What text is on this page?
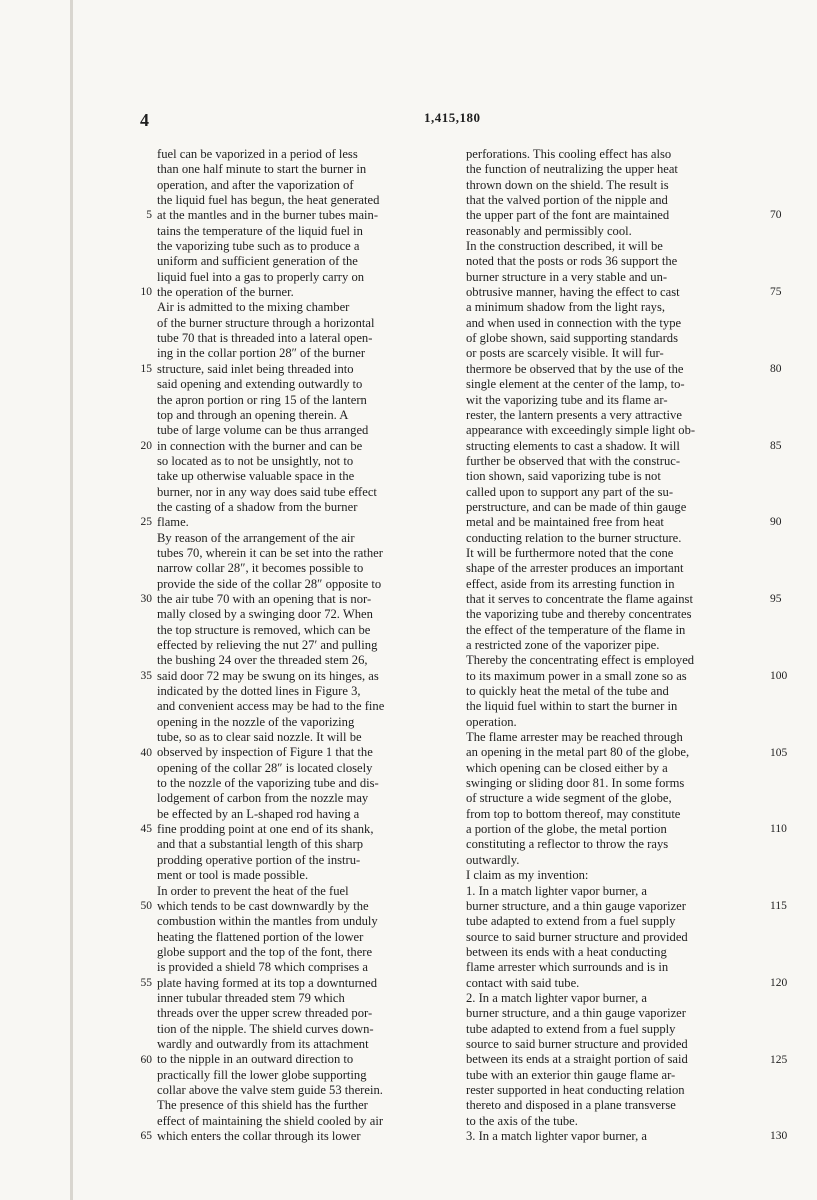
4	1,415,180
fuel can be vaporized in a period of less
than one half minute to start the burner in
operation, and after the vaporization of
the liquid fuel has begun, the heat generated
at the mantles and in the burner tubes main-
tains the temperature of the liquid fuel in
the vaporizing tube such as to produce a
uniform and sufficient generation of the
liquid fuel into a gas to properly carry on
the operation of the burner.
Air is admitted to the mixing chamber
of the burner structure through a horizontal
tube 70 that is threaded into a lateral open-
ing in the collar portion 28″ of the burner
structure, said inlet being threaded into
said opening and extending outwardly to
the apron portion or ring 15 of the lantern
top and through an opening therein. A
tube of large volume can be thus arranged
in connection with the burner and can be
so located as to not be unsightly, not to
take up otherwise valuable space in the
burner, nor in any way does said tube effect
the casting of a shadow from the burner
flame.
By reason of the arrangement of the air
tubes 70, wherein it can be set into the rather
narrow collar 28″, it becomes possible to
provide the side of the collar 28″ opposite to
the air tube 70 with an opening that is nor-
mally closed by a swinging door 72. When
the top structure is removed, which can be
effected by relieving the nut 27′ and pulling
the bushing 24 over the threaded stem 26,
said door 72 may be swung on its hinges, as
indicated by the dotted lines in Figure 3,
and convenient access may be had to the fine
opening in the nozzle of the vaporizing
tube, so as to clear said nozzle. It will be
observed by inspection of Figure 1 that the
opening of the collar 28″ is located closely
to the nozzle of the vaporizing tube and dis-
lodgement of carbon from the nozzle may
be effected by an L-shaped rod having a
fine prodding point at one end of its shank,
and that a substantial length of this sharp
prodding operative portion of the instru-
ment or tool is made possible.
In order to prevent the heat of the fuel
which tends to be cast downwardly by the
combustion within the mantles from unduly
heating the flattened portion of the lower
globe support and the top of the font, there
is provided a shield 78 which comprises a
plate having formed at its top a downturned
inner tubular threaded stem 79 which
threads over the upper screw threaded por-
tion of the nipple. The shield curves down-
wardly and outwardly from its attachment
to the nipple in an outward direction to
practically fill the lower globe supporting
collar above the valve stem guide 53 therein.
The presence of this shield has the further
effect of maintaining the shield cooled by air
which enters the collar through its lower
perforations. This cooling effect has also
the function of neutralizing the upper heat
thrown down on the shield. The result is
that the valved portion of the nipple and
the upper part of the font are maintained
reasonably and permissibly cool.
In the construction described, it will be
noted that the posts or rods 36 support the
burner structure in a very stable and un-
obtrusive manner, having the effect to cast
a minimum shadow from the light rays,
and when used in connection with the type
of globe shown, said supporting standards
or posts are scarcely visible. It will fur-
thermore be observed that by the use of the
single element at the center of the lamp, to-
wit the vaporizing tube and its flame ar-
rester, the lantern presents a very attractive
appearance with exceedingly simple light ob-
structing elements to cast a shadow. It will
further be observed that with the construc-
tion shown, said vaporizing tube is not
called upon to support any part of the su-
perstructure, and can be made of thin gauge
metal and be maintained free from heat
conducting relation to the burner structure.
It will be furthermore noted that the cone
shape of the arrester produces an important
effect, aside from its arresting function in
that it serves to concentrate the flame against
the vaporizing tube and thereby concentrates
the effect of the temperature of the flame in
a restricted zone of the vaporizer pipe.
Thereby the concentrating effect is employed
to its maximum power in a small zone so as
to quickly heat the metal of the tube and
the liquid fuel within to start the burner in
operation.
The flame arrester may be reached through
an opening in the metal part 80 of the globe,
which opening can be closed either by a
swinging or sliding door 81. In some forms
of structure a wide segment of the globe,
from top to bottom thereof, may constitute
a portion of the globe, the metal portion
constituting a reflector to throw the rays
outwardly.
I claim as my invention:
1. In a match lighter vapor burner, a
burner structure, and a thin gauge vaporizer
tube adapted to extend from a fuel supply
source to said burner structure and provided
between its ends with a heat conducting
flame arrester which surrounds and is in
contact with said tube.
2. In a match lighter vapor burner, a
burner structure, and a thin gauge vaporizer
tube adapted to extend from a fuel supply
source to said burner structure and provided
between its ends at a straight portion of said
tube with an exterior thin gauge flame ar-
rester supported in heat conducting relation
thereto and disposed in a plane transverse
to the axis of the tube.
3. In a match lighter vapor burner, a
5
10
15
20
25
30
35
40
45
50
55
60
65
70
75
80
85
90
95
100
105
110
115
120
125
130
